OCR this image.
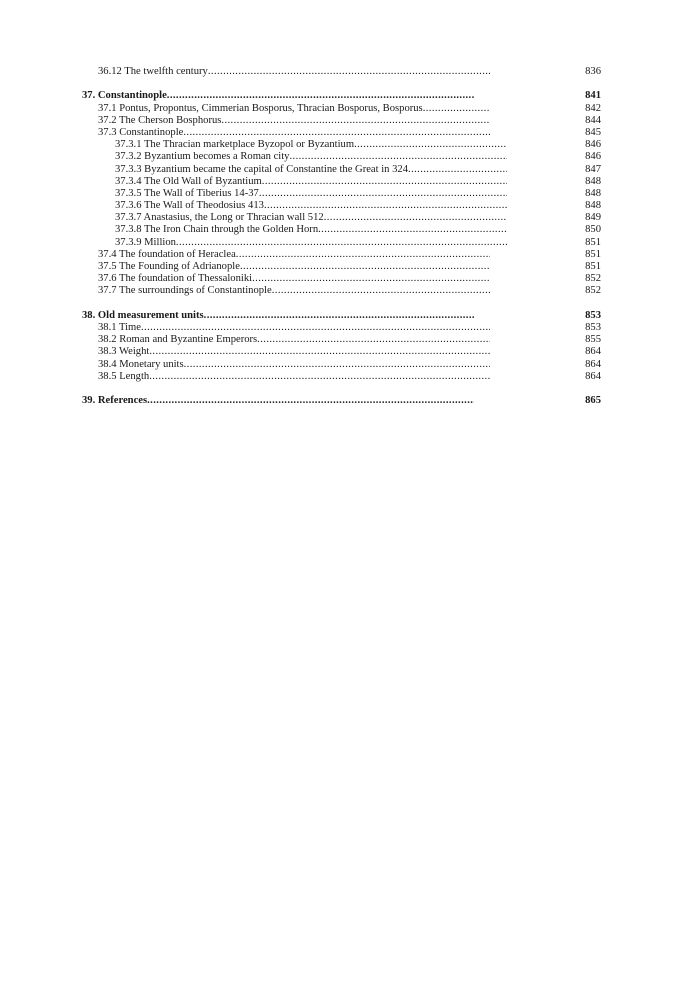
36.12 The twelfth century .....	836
37. Constantinople .....	841
37.1 Pontus, Propontus, Cimmerian Bosporus, Thracian Bosporus, Bosporus .....	842
37.2 The Cherson Bosphorus .....	844
37.3 Constantinople .....	845
37.3.1 The Thracian marketplace Byzopol or Byzantium .....	846
37.3.2 Byzantium becomes a Roman city .....	846
37.3.3 Byzantium became the capital of Constantine the Great in 324 .....	847
37.3.4 The Old Wall of Byzantium .....	848
37.3.5 The Wall of Tiberius 14-37 .....	848
37.3.6 The Wall of Theodosius 413 .....	848
37.3.7 Anastasius, the Long or Thracian wall 512 .....	849
37.3.8 The Iron Chain through the Golden Horn .....	850
37.3.9 Million .....	851
37.4 The foundation of Heraclea .....	851
37.5 The Founding of Adrianople .....	851
37.6 The foundation of Thessaloniki .....	852
37.7 The surroundings of Constantinople .....	852
38. Old measurement units .....	853
38.1 Time .....	853
38.2 Roman and Byzantine Emperors .....	855
38.3 Weight .....	864
38.4 Monetary units .....	864
38.5 Length .....	864
39. References .....	865
